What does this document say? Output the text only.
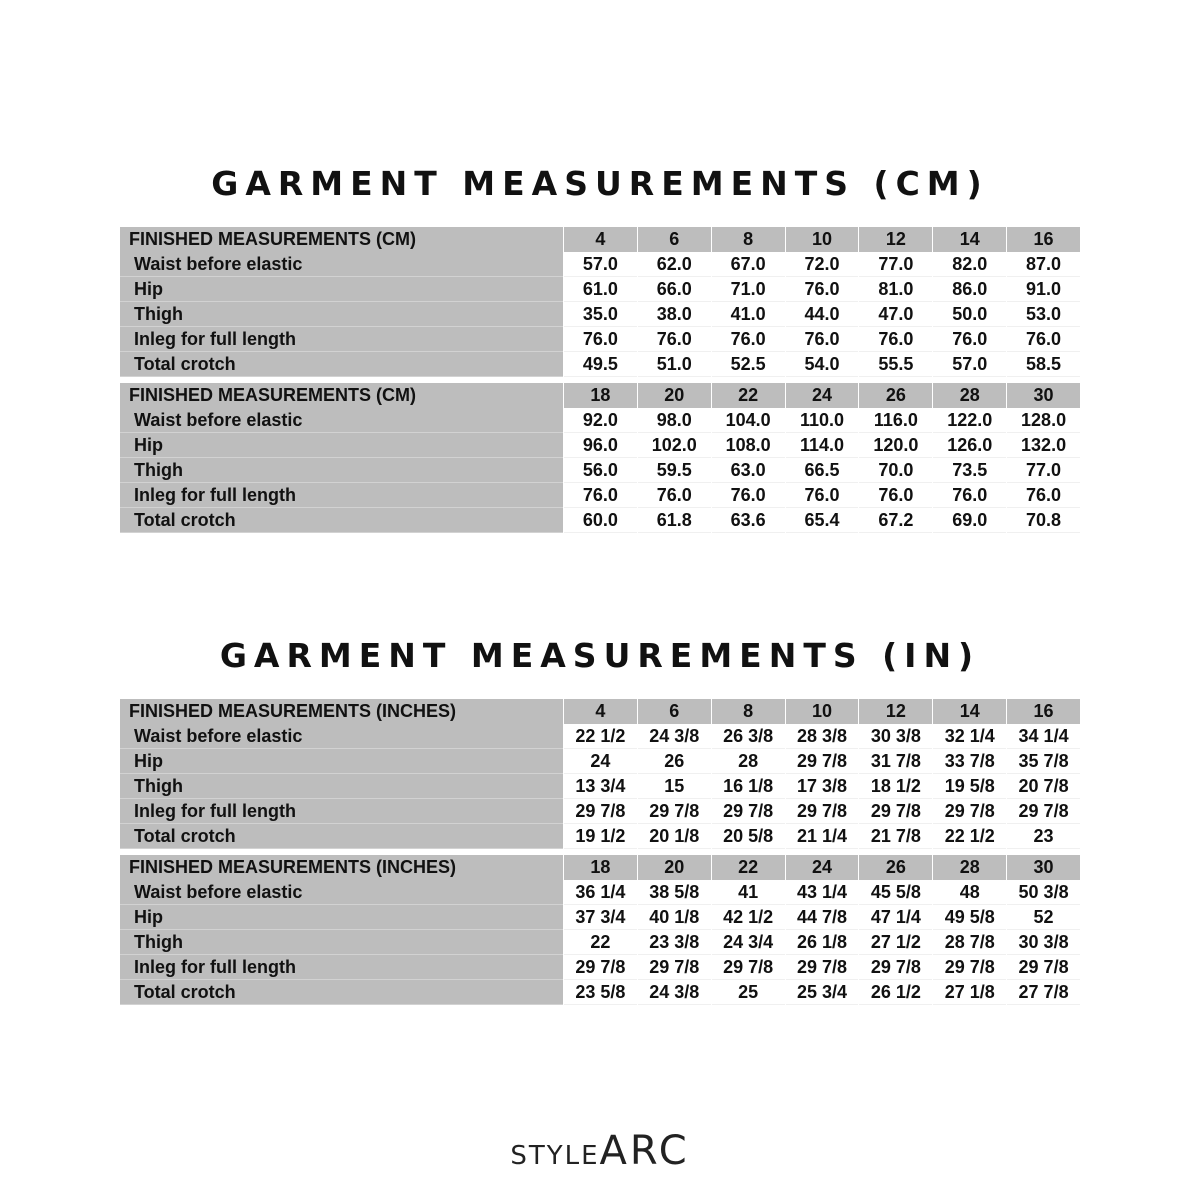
GARMENT MEASUREMENTS (CM)
FINISHED MEASUREMENTS (CM)	4	6	8	10	12	14	16
Waist before elastic	57.0	62.0	67.0	72.0	77.0	82.0	87.0
Hip	61.0	66.0	71.0	76.0	81.0	86.0	91.0
Thigh	35.0	38.0	41.0	44.0	47.0	50.0	53.0
Inleg for full length	76.0	76.0	76.0	76.0	76.0	76.0	76.0
Total crotch	49.5	51.0	52.5	54.0	55.5	57.0	58.5
FINISHED MEASUREMENTS (CM)	18	20	22	24	26	28	30
Waist before elastic	92.0	98.0	104.0	110.0	116.0	122.0	128.0
Hip	96.0	102.0	108.0	114.0	120.0	126.0	132.0
Thigh	56.0	59.5	63.0	66.5	70.0	73.5	77.0
Inleg for full length	76.0	76.0	76.0	76.0	76.0	76.0	76.0
Total crotch	60.0	61.8	63.6	65.4	67.2	69.0	70.8
GARMENT MEASUREMENTS (IN)
FINISHED MEASUREMENTS (INCHES)	4	6	8	10	12	14	16
Waist before elastic	22 1/2	24 3/8	26 3/8	28 3/8	30 3/8	32 1/4	34 1/4
Hip	24	26	28	29 7/8	31 7/8	33 7/8	35 7/8
Thigh	13 3/4	15	16 1/8	17 3/8	18 1/2	19 5/8	20 7/8
Inleg for full length	29 7/8	29 7/8	29 7/8	29 7/8	29 7/8	29 7/8	29 7/8
Total crotch	19 1/2	20 1/8	20 5/8	21 1/4	21 7/8	22 1/2	23
FINISHED MEASUREMENTS (INCHES)	18	20	22	24	26	28	30
Waist before elastic	36 1/4	38 5/8	41	43 1/4	45 5/8	48	50 3/8
Hip	37 3/4	40 1/8	42 1/2	44 7/8	47 1/4	49 5/8	52
Thigh	22	23 3/8	24 3/4	26 1/8	27 1/2	28 7/8	30 3/8
Inleg for full length	29 7/8	29 7/8	29 7/8	29 7/8	29 7/8	29 7/8	29 7/8
Total crotch	23 5/8	24 3/8	25	25 3/4	26 1/2	27 1/8	27 7/8
STYLEARC
